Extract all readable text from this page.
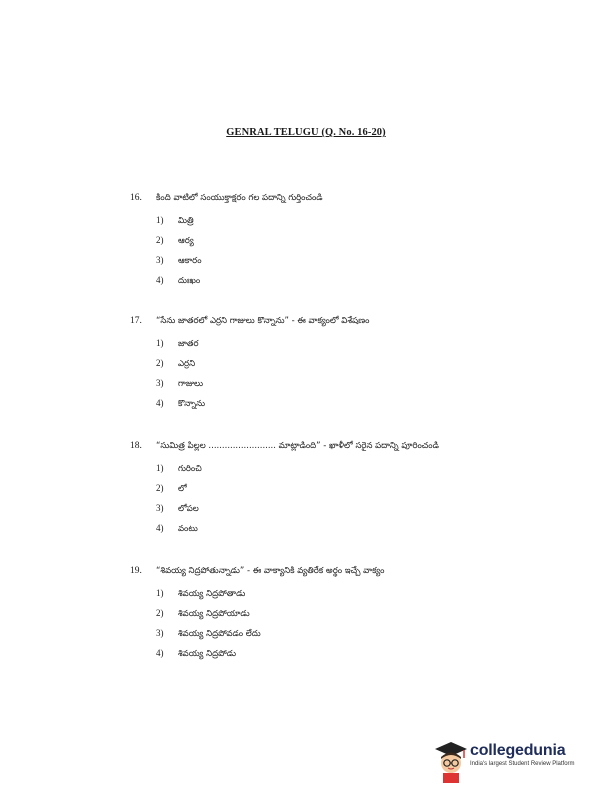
GENRAL TELUGU (Q. No. 16-20)
16.	కింది వాటిలో సంయుక్తాక్షరం గల పదాన్ని గుర్తించండి
1)	మిత్రి
2)	ఆర్య
3)	ఆకారం
4)	దుఃఖం
17.	“సేను జాతరలో ఎర్రని గాజులు కొన్నాను” - ఈ వాక్యంలో విశేషణం
1)	జాతర
2)	ఎర్రని
3)	గాజులు
4)	కొన్నాను
18.	“సుమిత్ర పిల్లల ......................... మాట్లాడింది” - ఖాళీలో సరైన పదాన్ని పూరించండి
1)	గురించి
2)	లో
3)	లోపల
4)	వంటు
19.	“శివయ్య నిద్రపోతున్నాడు” - ఈ వాక్యానికి వ్యతిరేక అర్థం ఇచ్చే వాక్యం
1)	శివయ్య నిద్రపోతాడు
2)	శివయ్య నిద్రపోయాడు
3)	శివయ్య నిద్రపోవడం లేదు
4)	శివయ్య నిద్రపోడు
collegedunia
India's largest Student Review Platform
